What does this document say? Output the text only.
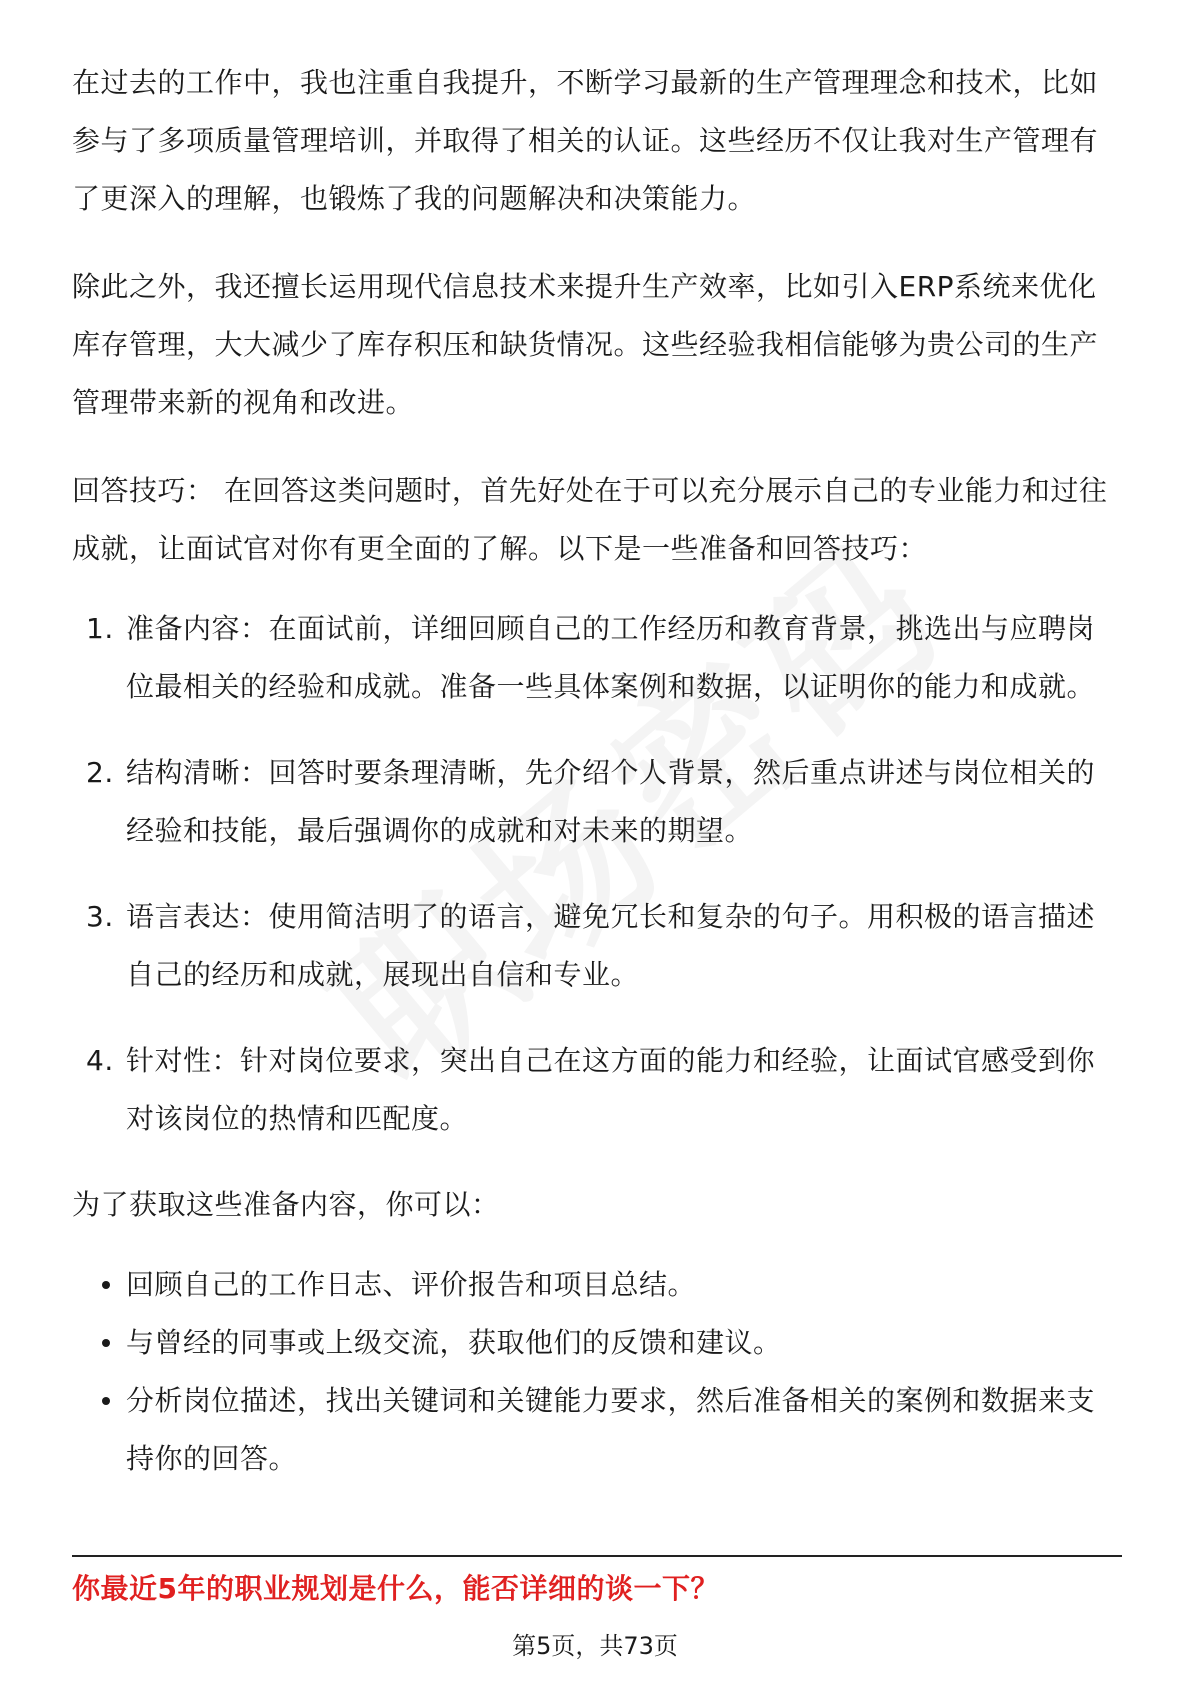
在过去的工作中，我也注重自我提升，不断学习最新的生产管理理念和技术，比如参与了多项质量管理培训，并取得了相关的认证。这些经历不仅让我对生产管理有了更深入的理解，也锻炼了我的问题解决和决策能力。

除此之外，我还擅长运用现代信息技术来提升生产效率，比如引入ERP系统来优化库存管理，大大减少了库存积压和缺货情况。这些经验我相信能够为贵公司的生产管理带来新的视角和改进。

回答技巧： 在回答这类问题时，首先好处在于可以充分展示自己的专业能力和过往成就，让面试官对你有更全面的了解。以下是一些准备和回答技巧：

1. 准备内容：在面试前，详细回顾自己的工作经历和教育背景，挑选出与应聘岗位最相关的经验和成就。准备一些具体案例和数据，以证明你的能力和成就。
2. 结构清晰：回答时要条理清晰，先介绍个人背景，然后重点讲述与岗位相关的经验和技能，最后强调你的成就和对未来的期望。
3. 语言表达：使用简洁明了的语言，避免冗长和复杂的句子。用积极的语言描述自己的经历和成就，展现出自信和专业。
4. 针对性：针对岗位要求，突出自己在这方面的能力和经验，让面试官感受到你对该岗位的热情和匹配度。

为了获取这些准备内容，你可以：

回顾自己的工作日志、评价报告和项目总结。
与曾经的同事或上级交流，获取他们的反馈和建议。
分析岗位描述，找出关键词和关键能力要求，然后准备相关的案例和数据来支持你的回答。
你最近5年的职业规划是什么，能否详细的谈一下？
第5页，共73页
